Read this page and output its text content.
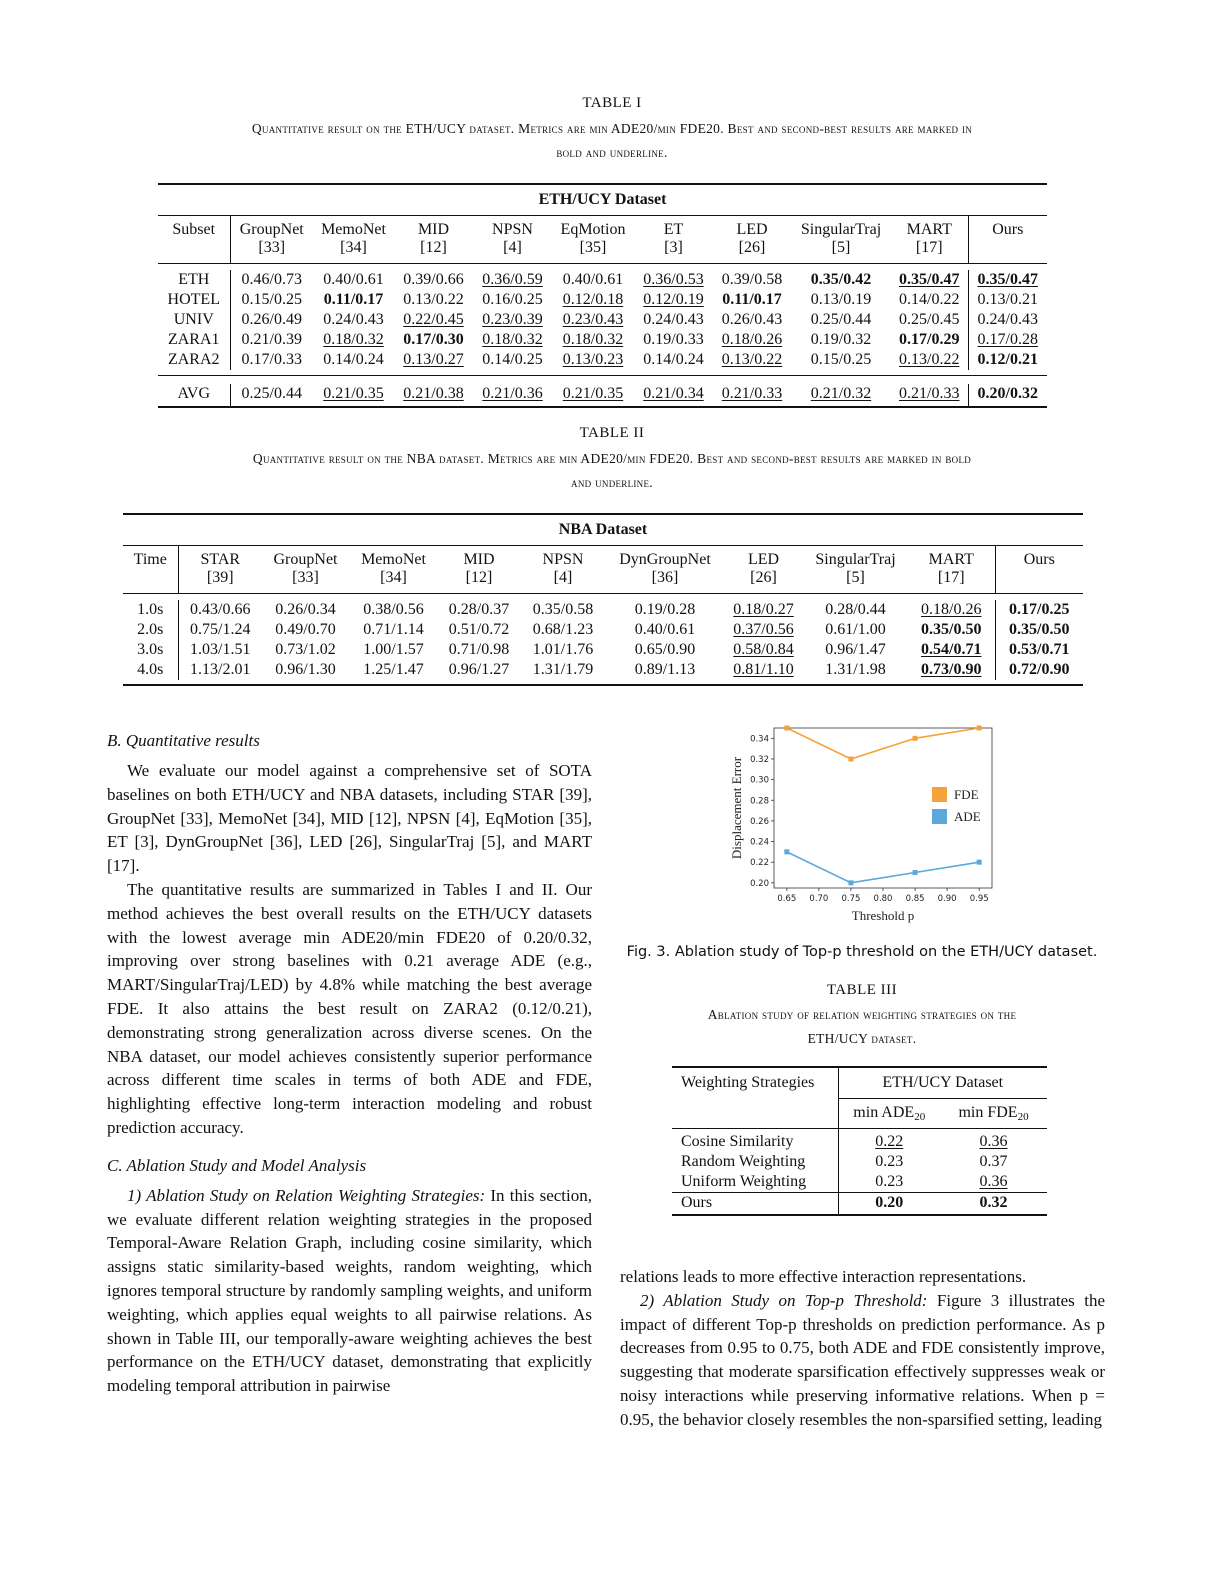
TABLE I
Quantitative result on the ETH/UCY dataset. Metrics are min ADE20/min FDE20. Best and second-best results are marked in
bold and underline.
ETH/UCY Dataset
Subset	GroupNet	MemoNet	MID	NPSN	EqMotion	ET	LED	SingularTraj	MART	Ours
	[33]	[34]	[12]	[4]	[35]	[3]	[26]	[5]	[17]	

ETH	0.46/0.73	0.40/0.61	0.39/0.66	0.36/0.59	0.40/0.61	0.36/0.53	0.39/0.58	0.35/0.42	0.35/0.47	0.35/0.47
HOTEL	0.15/0.25	0.11/0.17	0.13/0.22	0.16/0.25	0.12/0.18	0.12/0.19	0.11/0.17	0.13/0.19	0.14/0.22	0.13/0.21
UNIV	0.26/0.49	0.24/0.43	0.22/0.45	0.23/0.39	0.23/0.43	0.24/0.43	0.26/0.43	0.25/0.44	0.25/0.45	0.24/0.43
ZARA1	0.21/0.39	0.18/0.32	0.17/0.30	0.18/0.32	0.18/0.32	0.19/0.33	0.18/0.26	0.19/0.32	0.17/0.29	0.17/0.28
ZARA2	0.17/0.33	0.14/0.24	0.13/0.27	0.14/0.25	0.13/0.23	0.14/0.24	0.13/0.22	0.15/0.25	0.13/0.22	0.12/0.21

AVG	0.25/0.44	0.21/0.35	0.21/0.38	0.21/0.36	0.21/0.35	0.21/0.34	0.21/0.33	0.21/0.32	0.21/0.33	0.20/0.32
TABLE II
Quantitative result on the NBA dataset. Metrics are min ADE20/min FDE20. Best and second-best results are marked in bold
and underline.
NBA Dataset
Time	STAR	GroupNet	MemoNet	MID	NPSN	DynGroupNet	LED	SingularTraj	MART	Ours
	[39]	[33]	[34]	[12]	[4]	[36]	[26]	[5]	[17]	

1.0s	0.43/0.66	0.26/0.34	0.38/0.56	0.28/0.37	0.35/0.58	0.19/0.28	0.18/0.27	0.28/0.44	0.18/0.26	0.17/0.25
2.0s	0.75/1.24	0.49/0.70	0.71/1.14	0.51/0.72	0.68/1.23	0.40/0.61	0.37/0.56	0.61/1.00	0.35/0.50	0.35/0.50
3.0s	1.03/1.51	0.73/1.02	1.00/1.57	0.71/0.98	1.01/1.76	0.65/0.90	0.58/0.84	0.96/1.47	0.54/0.71	0.53/0.71
4.0s	1.13/2.01	0.96/1.30	1.25/1.47	0.96/1.27	1.31/1.79	0.89/1.13	0.81/1.10	1.31/1.98	0.73/0.90	0.72/0.90

B. Quantitative results

We evaluate our model against a comprehensive set of SOTA baselines on both ETH/UCY and NBA datasets, including STAR [39], GroupNet [33], MemoNet [34], MID [12], NPSN [4], EqMotion [35], ET [3], DynGroupNet [36], LED [26], SingularTraj [5], and MART [17].

The quantitative results are summarized in Tables I and II. Our method achieves the best overall results on the ETH/UCY datasets with the lowest average min ADE20/min FDE20 of 0.20/0.32, improving over strong baselines with 0.21 average ADE (e.g., MART/SingularTraj/LED) by 4.8% while matching the best average FDE. It also attains the best result on ZARA2 (0.12/0.21), demonstrating strong generalization across diverse scenes. On the NBA dataset, our model achieves consistently superior performance across different time scales in terms of both ADE and FDE, highlighting effective long-term interaction modeling and robust prediction accuracy.

C. Ablation Study and Model Analysis

1) Ablation Study on Relation Weighting Strategies: In this section, we evaluate different relation weighting strategies in the proposed Temporal-Aware Relation Graph, including cosine similarity, which assigns static similarity-based weights, random weighting, which ignores temporal structure by randomly sampling weights, and uniform weighting, which applies equal weights to all pairwise relations. As shown in Table III, our temporally-aware weighting achieves the best performance on the ETH/UCY dataset, demonstrating that explicitly modeling temporal attribution in pairwise

0.65 0.70 0.75 0.80 0.85 0.90 0.95
0.20
0.22
0.24
0.26
0.28
0.30
0.32
0.34
FDE
ADE
Threshold p
Displacement Error
Fig. 3. Ablation study of Top-p threshold on the ETH/UCY dataset.
TABLE III
Ablation study of relation weighting strategies on the
ETH/UCY dataset.
Weighting Strategies	ETH/UCY Dataset	
	$\min ADE_{20}$	$\min FDE_{20}$
Cosine Similarity	0.22	0.36
Random Weighting	0.23	0.37
Uniform Weighting	0.23	0.36
Ours	0.20	0.32
relations leads to more effective interaction representations.

2) Ablation Study on Top-p Threshold: Figure 3 illustrates the impact of different Top-p thresholds on prediction performance. As p decreases from 0.95 to 0.75, both ADE and FDE consistently improve, suggesting that moderate sparsification effectively suppresses weak or noisy interactions while preserving informative relations. When p = 0.95, the behavior closely resembles the non-sparsified setting, leading
